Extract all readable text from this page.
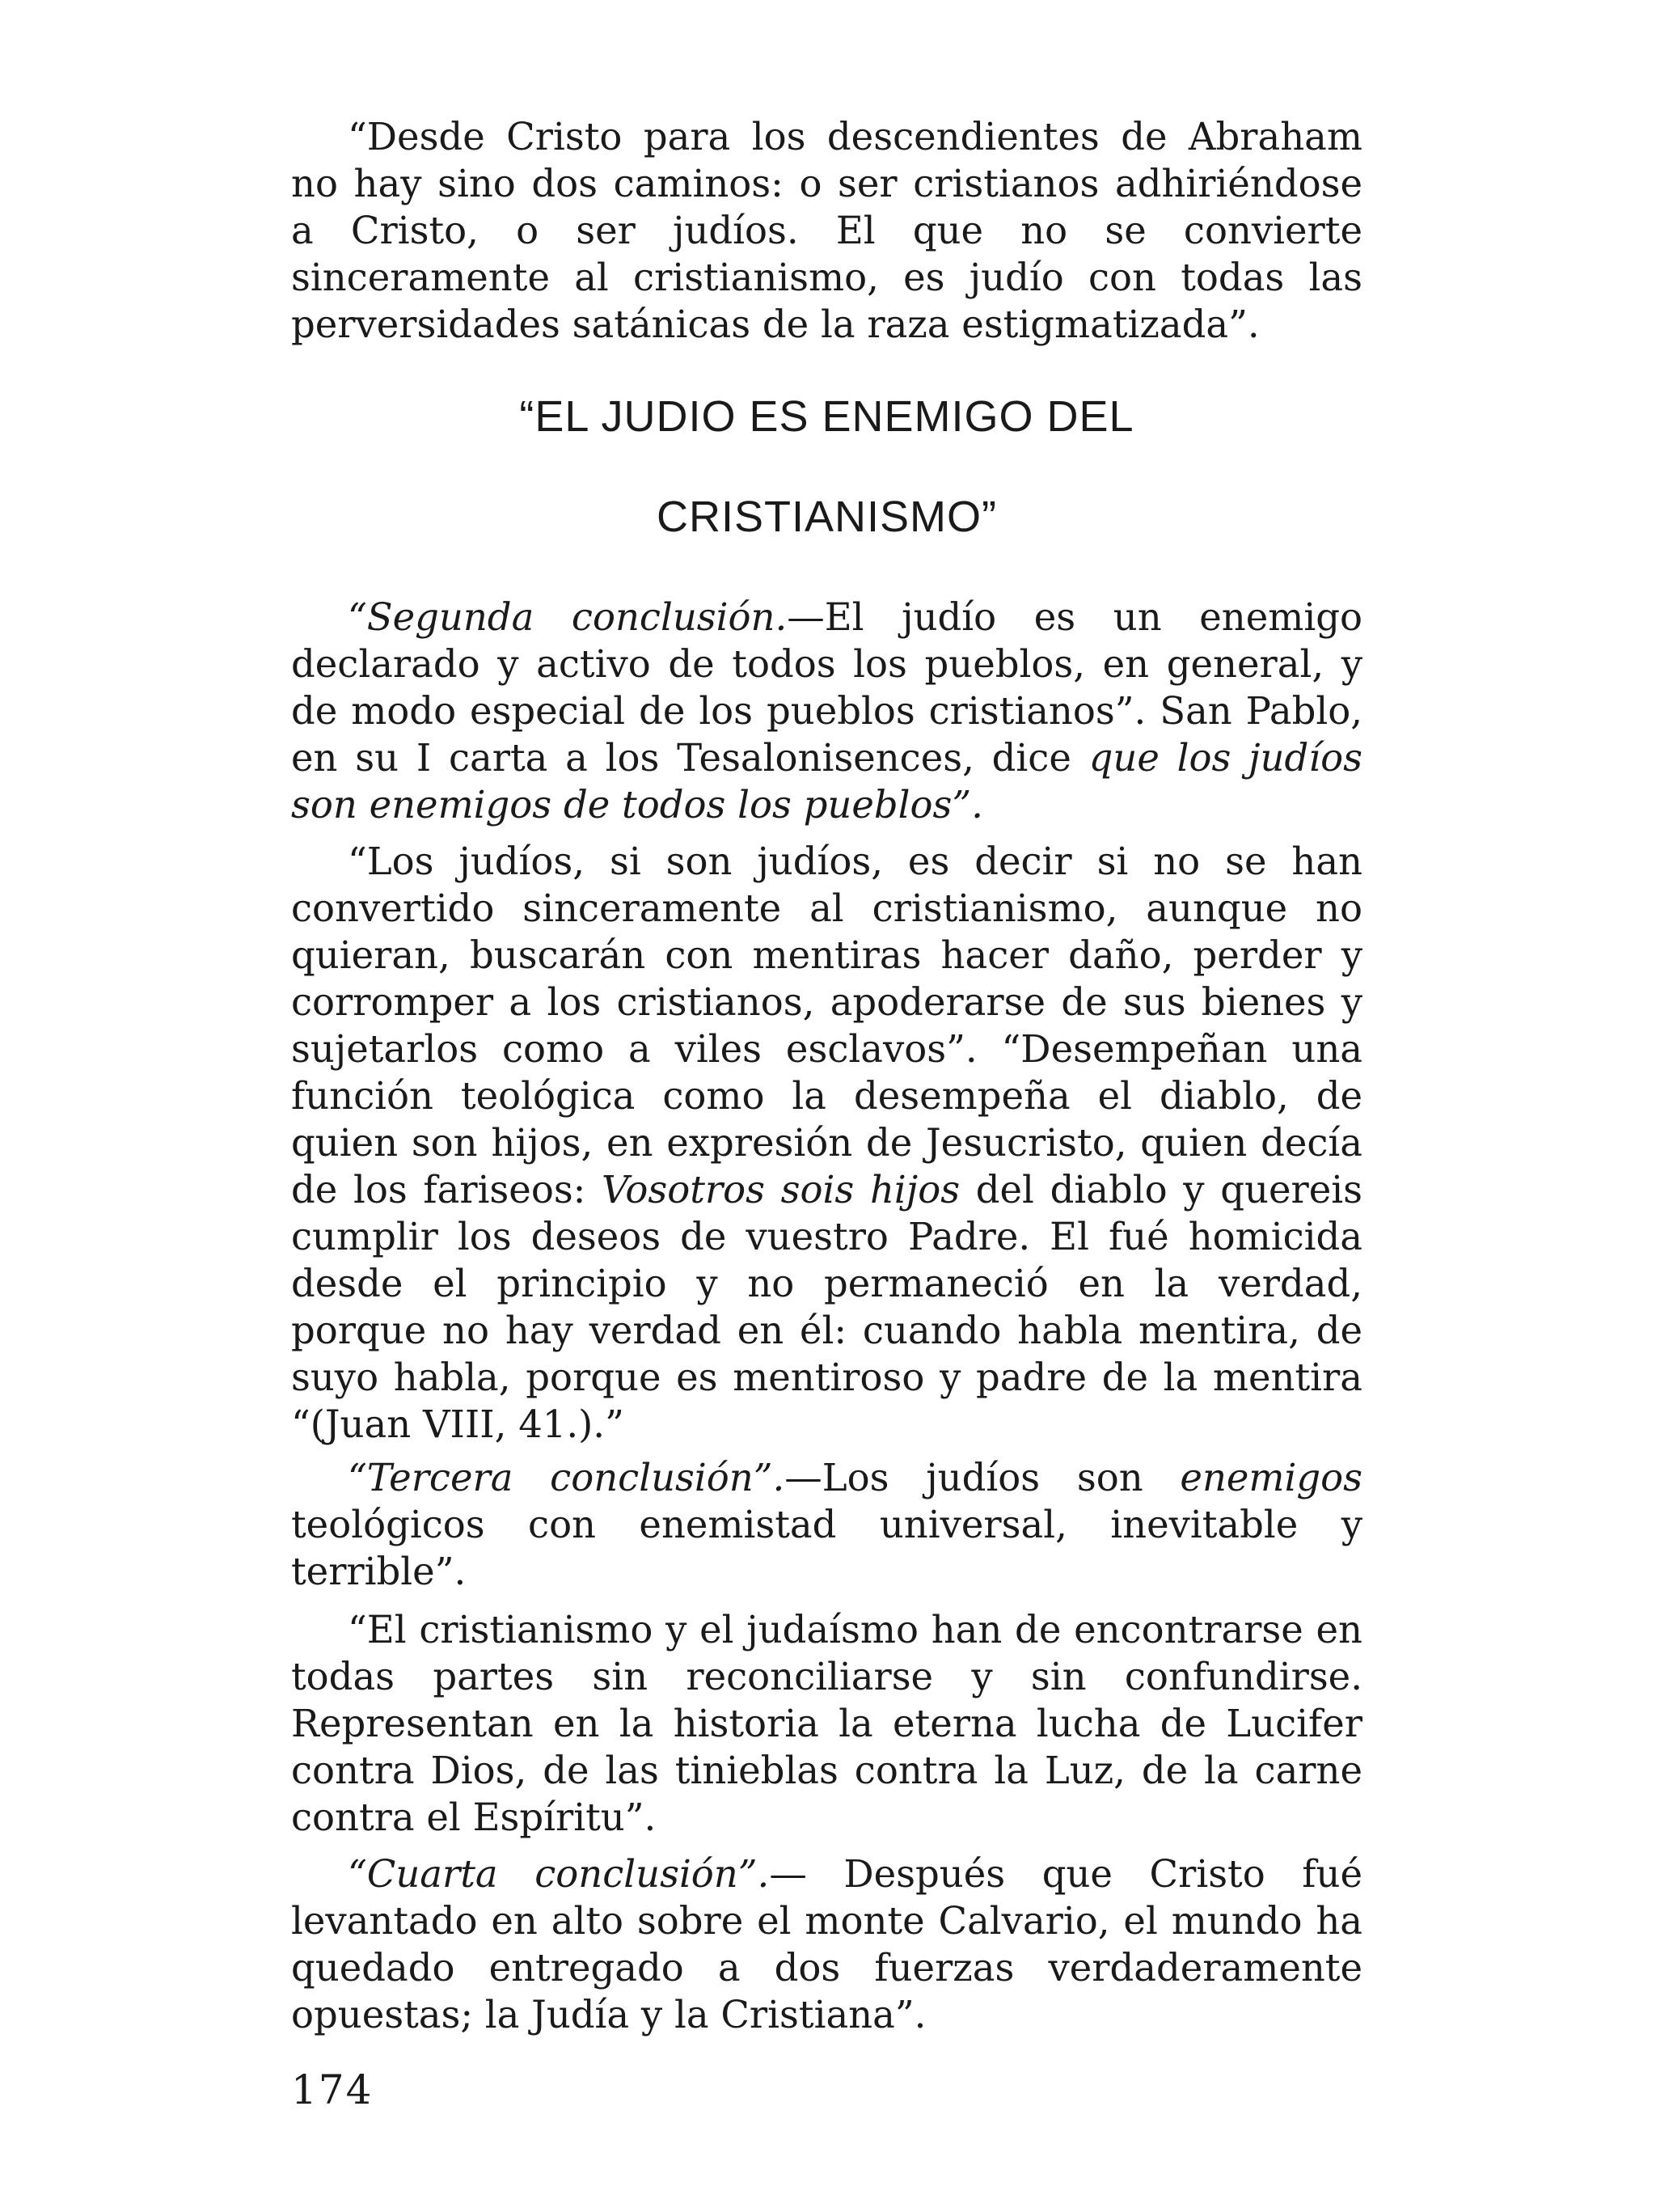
“Desde Cristo para los descendientes de Abraham no hay sino dos caminos: o ser cristianos adhiriéndose a Cristo, o ser judíos. El que no se convierte sinceramente al cristianismo, es judío con todas las perversidades satánicas de la raza estigmatizada”.

“EL JUDIO ES ENEMIGO DEL
CRISTIANISMO”

“Segunda conclusión.—El judío es un enemigo declarado y activo de todos los pueblos, en general, y de modo especial de los pueblos cristianos”. San Pablo, en su I carta a los Tesalonisences, dice que los judíos son enemigos de todos los pueblos”.

“Los judíos, si son judíos, es decir si no se han convertido sinceramente al cristianismo, aunque no quieran, buscarán con mentiras hacer daño, perder y corromper a los cristianos, apoderarse de sus bienes y sujetarlos como a viles esclavos”. “Desempeñan una función teológica como la desempeña el diablo, de quien son hijos, en expresión de Jesucristo, quien decía de los fariseos: Vosotros sois hijos del diablo y quereis cumplir los deseos de vuestro Padre. El fué homicida desde el principio y no permaneció en la verdad, porque no hay verdad en él: cuando habla mentira, de suyo habla, porque es mentiroso y padre de la mentira “(Juan VIII, 41.).”

“Tercera conclusión”.—Los judíos son enemigos teológicos con enemistad universal, inevitable y terrible”.

“El cristianismo y el judaísmo han de encontrarse en todas partes sin reconciliarse y sin confundirse. Representan en la historia la eterna lucha de Lucifer contra Dios, de las tinieblas contra la Luz, de la carne contra el Espíritu”.

“Cuarta conclusión”.— Después que Cristo fué levantado en alto sobre el monte Calvario, el mundo ha quedado entregado a dos fuerzas verdaderamente opuestas; la Judía y la Cristiana”.

174
